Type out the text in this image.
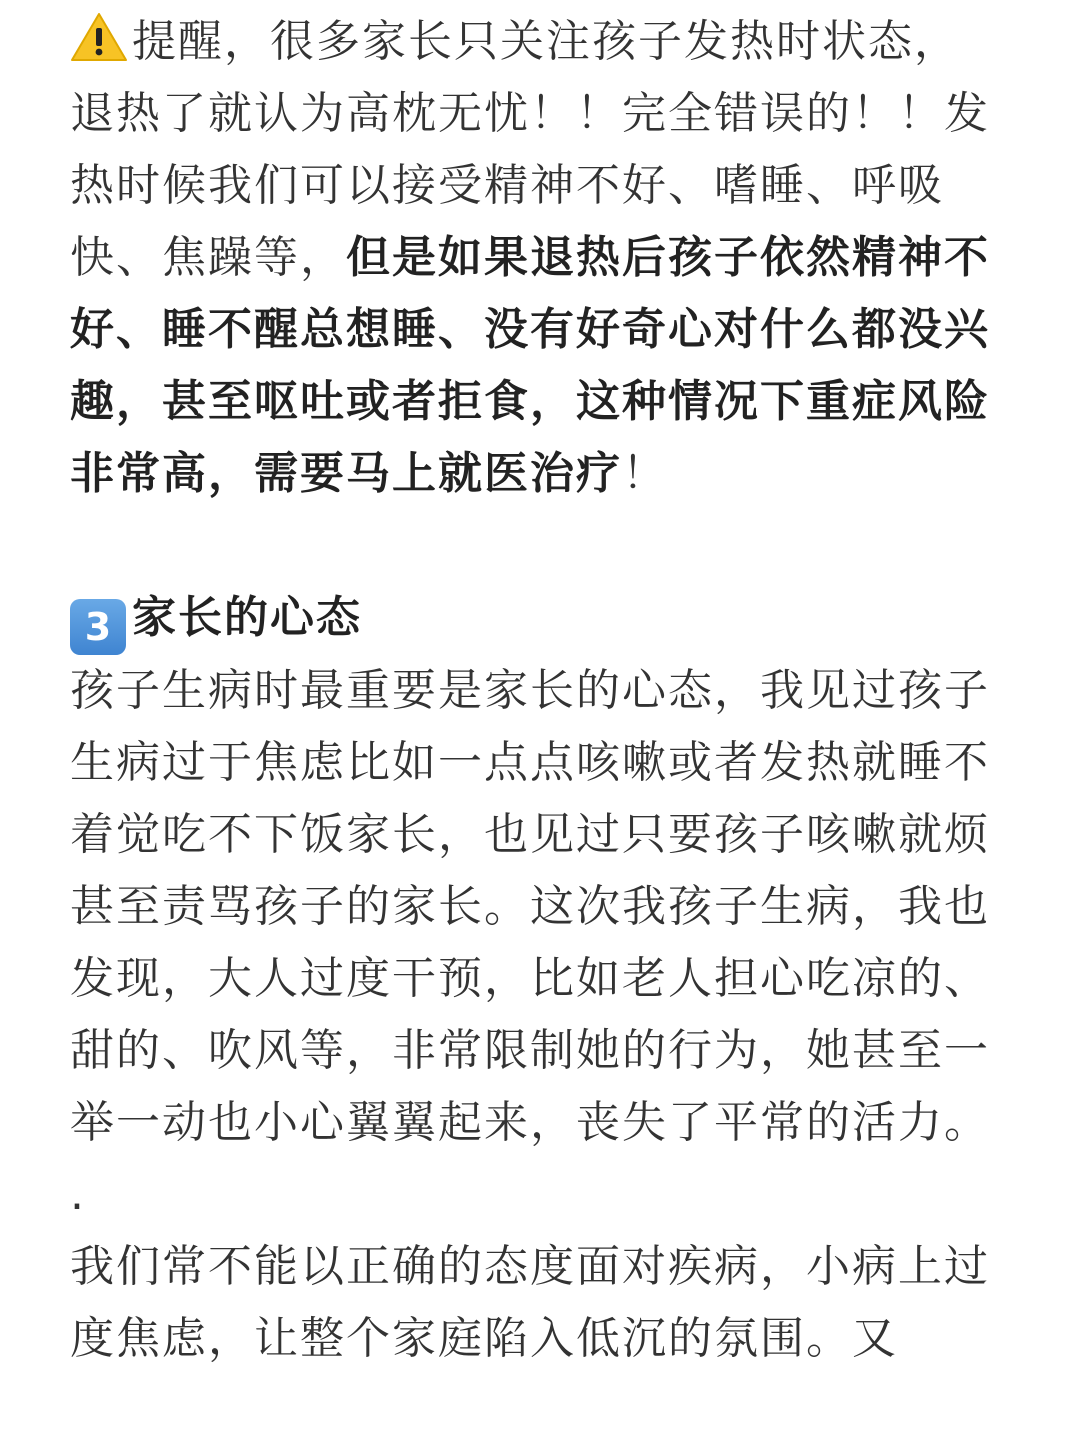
提醒，很多家长只关注孩子发热时状态，退热了就认为高枕无忧！！完全错误的！！发热时候我们可以接受精神不好、嗜睡、呼吸快、焦躁等，但是如果退热后孩子依然精神不好、睡不醒总想睡、没有好奇心对什么都没兴趣，甚至呕吐或者拒食，这种情况下重症风险非常高，需要马上就医治疗！

3 家长的心态

孩子生病时最重要是家长的心态，我见过孩子生病过于焦虑比如一点点咳嗽或者发热就睡不着觉吃不下饭家长，也见过只要孩子咳嗽就烦甚至责骂孩子的家长。这次我孩子生病，我也发现，大人过度干预，比如老人担心吃凉的、甜的、吹风等，非常限制她的行为，她甚至一举一动也小心翼翼起来，丧失了平常的活力。

.

我们常不能以正确的态度面对疾病，小病上过度焦虑，让整个家庭陷入低沉的氛围。又
